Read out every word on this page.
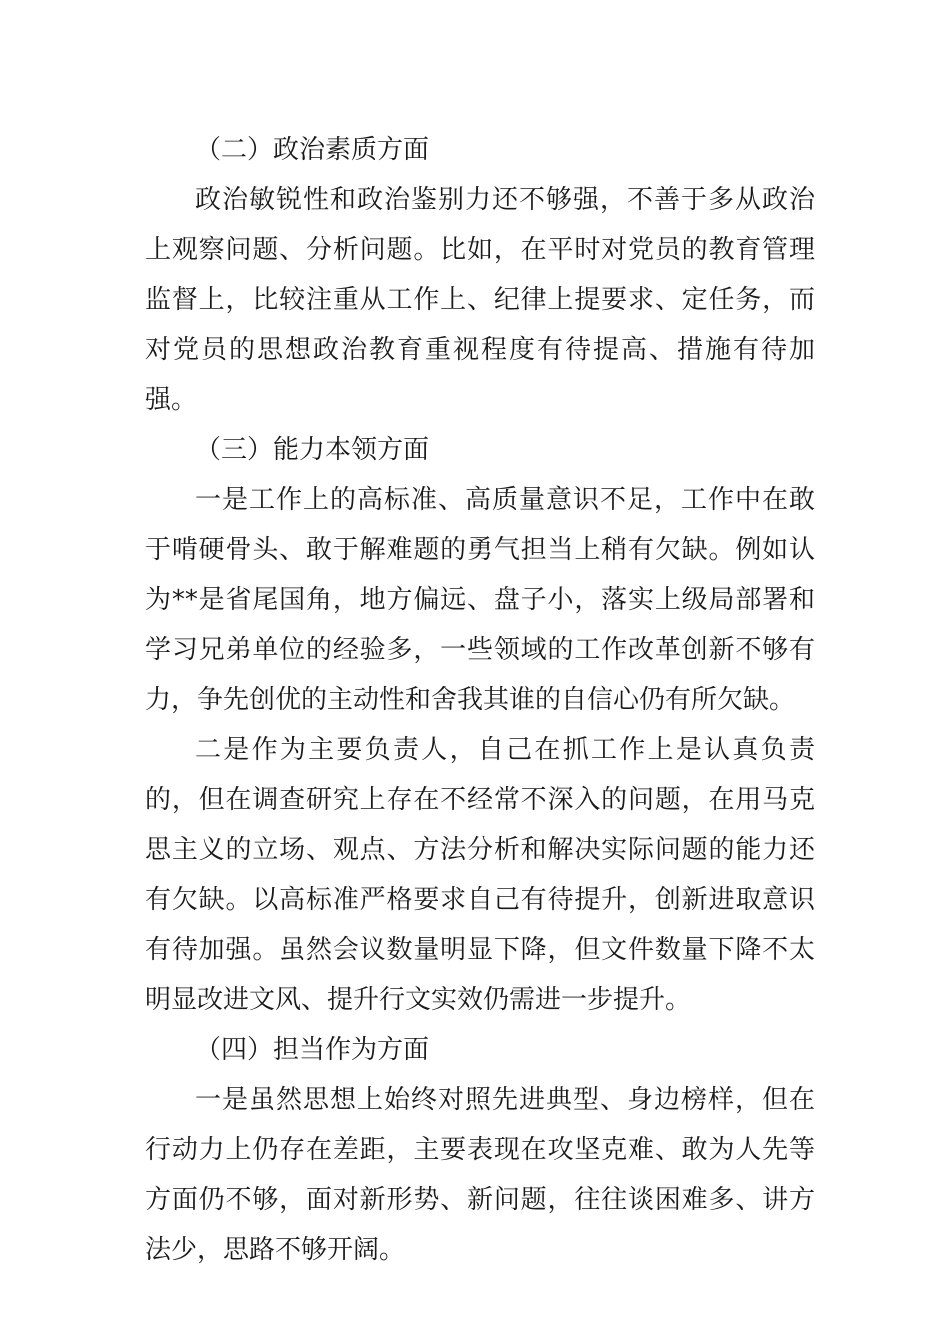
（二）政治素质方面

政治敏锐性和政治鉴别力还不够强，不善于多从政治上观察问题、分析问题。比如，在平时对党员的教育管理监督上，比较注重从工作上、纪律上提要求、定任务，而对党员的思想政治教育重视程度有待提高、措施有待加强。

（三）能力本领方面

一是工作上的高标准、高质量意识不足，工作中在敢于啃硬骨头、敢于解难题的勇气担当上稍有欠缺。例如认为**是省尾国角，地方偏远、盘子小，落实上级局部署和学习兄弟单位的经验多，一些领域的工作改革创新不够有力，争先创优的主动性和舍我其谁的自信心仍有所欠缺。

二是作为主要负责人，自己在抓工作上是认真负责的，但在调查研究上存在不经常不深入的问题，在用马克思主义的立场、观点、方法分析和解决实际问题的能力还有欠缺。以高标准严格要求自己有待提升，创新进取意识有待加强。虽然会议数量明显下降，但文件数量下降不太明显改进文风、提升行文实效仍需进一步提升。

（四）担当作为方面

一是虽然思想上始终对照先进典型、身边榜样，但在行动力上仍存在差距，主要表现在攻坚克难、敢为人先等方面仍不够，面对新形势、新问题，往往谈困难多、讲方法少，思路不够开阔。
